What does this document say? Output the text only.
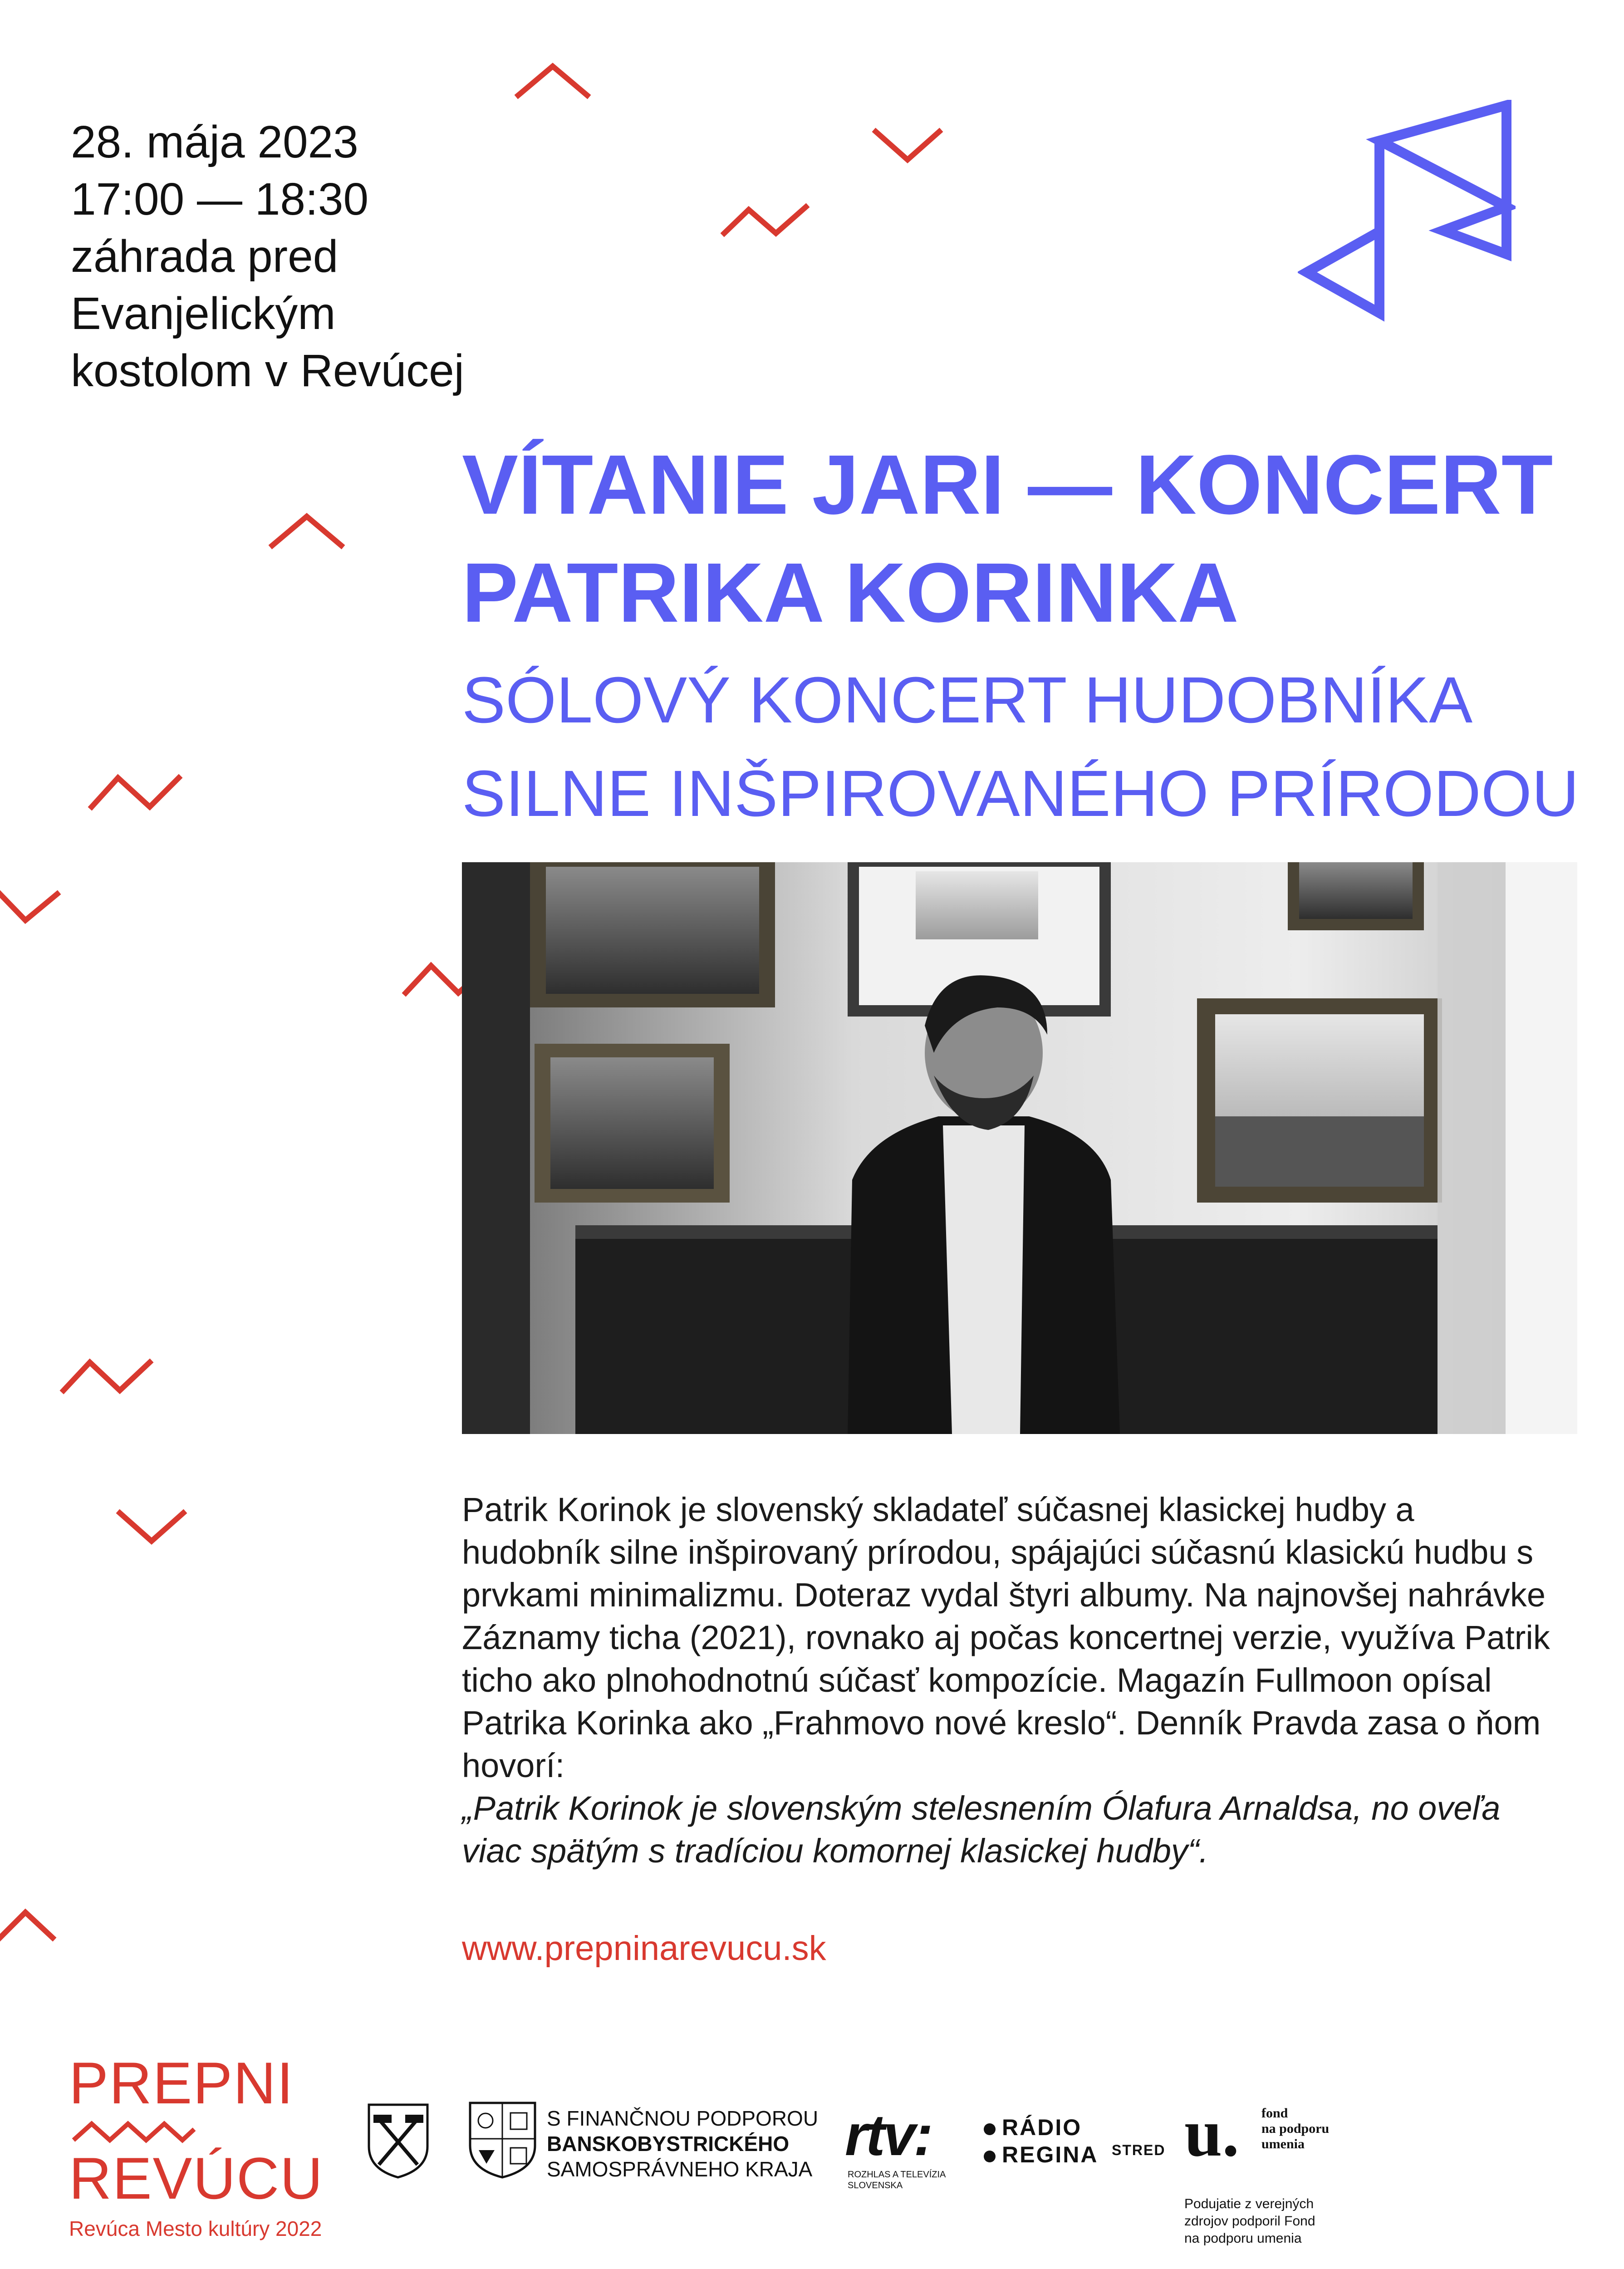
28. mája 2023
17:00 — 18:30
záhrada pred
Evanjelickým
kostolom v Revúcej
VÍTANIE JARI — KONCERT
PATRIKA KORINKA
SÓLOVÝ KONCERT HUDOBNÍKA
SILNE INŠPIROVANÉHO PRÍRODOU

Patrik Korinok je slovenský skladateľ súčasnej klasickej hudby a hudobník silne inšpirovaný prírodou, spájajúci súčasnú klasickú hudbu s prvkami minimalizmu. Doteraz vydal štyri albumy. Na najnovšej nahrávke Záznamy ticha (2021), rovnako aj počas koncertnej verzie, využíva Patrik ticho ako plnohodnotnú súčasť kompozície. Magazín Fullmoon opísal Patrika Korinka ako „Frahmovo nové kreslo“. Denník Pravda zasa o ňom hovorí:

„Patrik Korinok je slovenským stelesnením Ólafura Arnaldsa, no oveľa viac spätým s tradíciou komornej klasickej hudby“.

www.prepninarevucu.sk
PREPNI
REVÚCU
Revúca Mesto kultúry 2022
S FINANČNOU PODPOROU
BANSKOBYSTRICKÉHO
SAMOSPRÁVNEHO KRAJA
rtv:
ROZHLAS A TELEVÍZIA
SLOVENSKA
RÁDIO
REGINA STRED u. fond
na podporu
umenia
Podujatie z verejných
zdrojov podporil Fond
na podporu umenia
